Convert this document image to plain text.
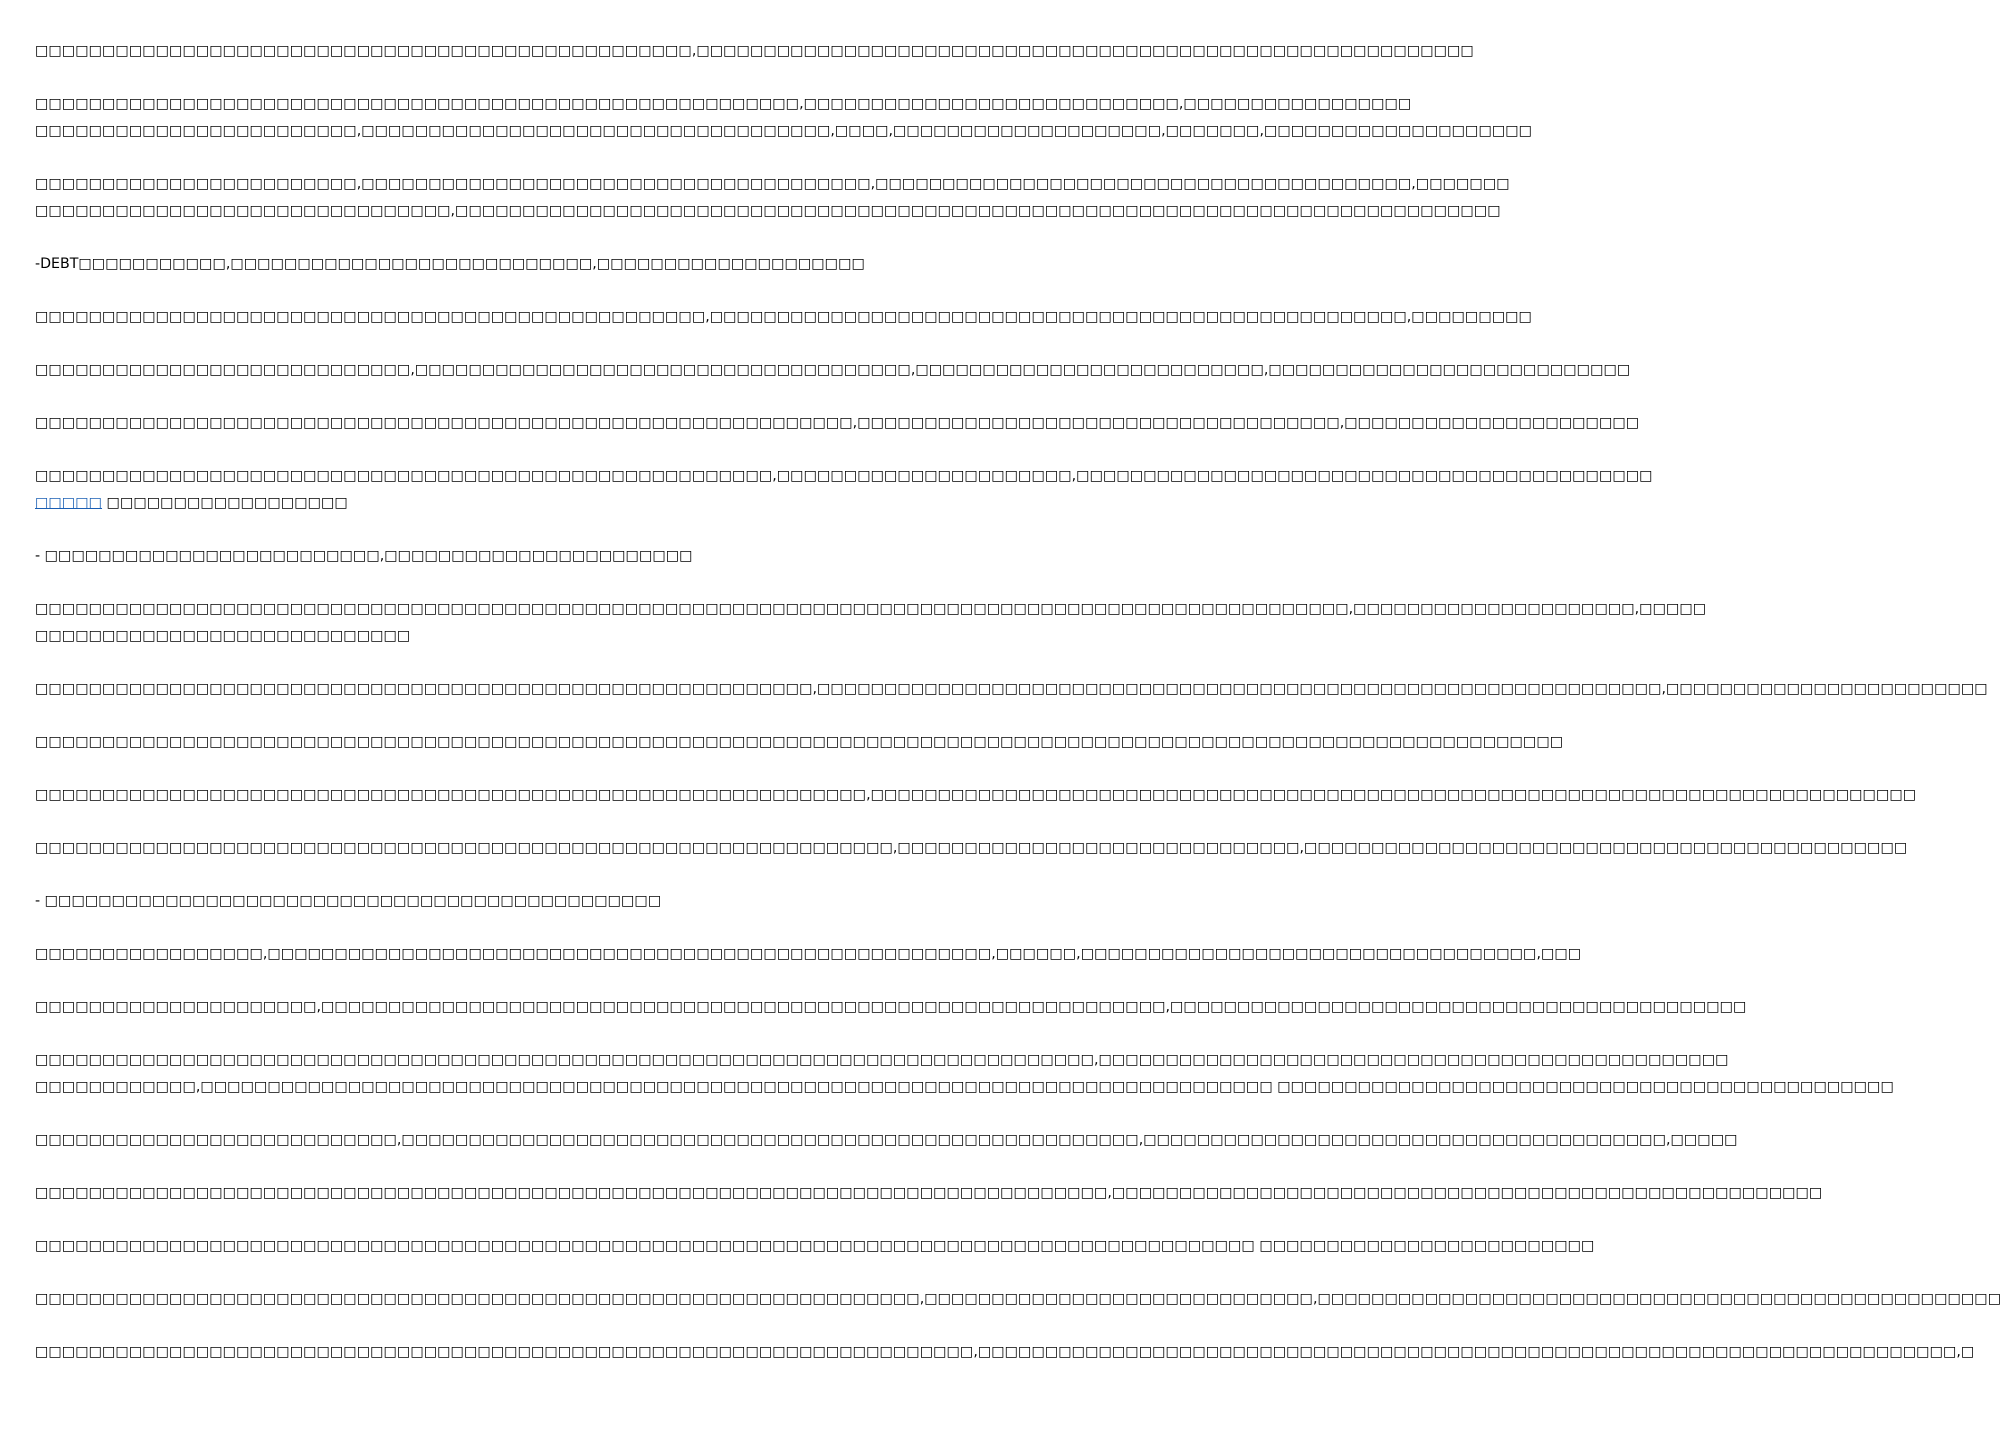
□□□□□□□□□□□□□□□□□□□□□□□□□□□□□□□□□□□□□□□□□□□□□□□□□,□□□□□□□□□□□□□□□□□□□□□□□□□□□□□□□□□□□□□□□□□□□□□□□□□□□□□□□□□□

□□□□□□□□□□□□□□□□□□□□□□□□□□□□□□□□□□□□□□□□□□□□□□□□□□□□□□□□□,□□□□□□□□□□□□□□□□□□□□□□□□□□□□,□□□□□□□□□□□□□□□□□
□□□□□□□□□□□□□□□□□□□□□□□□,□□□□□□□□□□□□□□□□□□□□□□□□□□□□□□□□□□□,□□□□,□□□□□□□□□□□□□□□□□□□□,□□□□□□□,□□□□□□□□□□□□□□□□□□□□

□□□□□□□□□□□□□□□□□□□□□□□□,□□□□□□□□□□□□□□□□□□□□□□□□□□□□□□□□□□□□□□,□□□□□□□□□□□□□□□□□□□□□□□□□□□□□□□□□□□□□□□□,□□□□□□□
□□□□□□□□□□□□□□□□□□□□□□□□□□□□□□□,□□□□□□□□□□□□□□□□□□□□□□□□□□□□□□□□□□□□□□□□□□□□□□□□□□□□□□□□□□□□□□□□□□□□□□□□□□□□□□

-DEBT□□□□□□□□□□□,□□□□□□□□□□□□□□□□□□□□□□□□□□□,□□□□□□□□□□□□□□□□□□□□

□□□□□□□□□□□□□□□□□□□□□□□□□□□□□□□□□□□□□□□□□□□□□□□□□□,□□□□□□□□□□□□□□□□□□□□□□□□□□□□□□□□□□□□□□□□□□□□□□□□□□□□,□□□□□□□□□

□□□□□□□□□□□□□□□□□□□□□□□□□□□□,□□□□□□□□□□□□□□□□□□□□□□□□□□□□□□□□□□□□□,□□□□□□□□□□□□□□□□□□□□□□□□□□,□□□□□□□□□□□□□□□□□□□□□□□□□□□

□□□□□□□□□□□□□□□□□□□□□□□□□□□□□□□□□□□□□□□□□□□□□□□□□□□□□□□□□□□□□,□□□□□□□□□□□□□□□□□□□□□□□□□□□□□□□□□□□□,□□□□□□□□□□□□□□□□□□□□□□

□□□□□□□□□□□□□□□□□□□□□□□□□□□□□□□□□□□□□□□□□□□□□□□□□□□□□□□,□□□□□□□□□□□□□□□□□□□□□□,□□□□□□□□□□□□□□□□□□□□□□□□□□□□□□□□□□□□□□□□□□□
□□□□□ □□□□□□□□□□□□□□□□□□

- □□□□□□□□□□□□□□□□□□□□□□□□□,□□□□□□□□□□□□□□□□□□□□□□□

□□□□□□□□□□□□□□□□□□□□□□□□□□□□□□□□□□□□□□□□□□□□□□□□□□□□□□□□□□□□□□□□□□□□□□□□□□□□□□□□□□□□□□□□□□□□□□□□□□,□□□□□□□□□□□□□□□□□□□□□,□□□□□
□□□□□□□□□□□□□□□□□□□□□□□□□□□□

□□□□□□□□□□□□□□□□□□□□□□□□□□□□□□□□□□□□□□□□□□□□□□□□□□□□□□□□□□,□□□□□□□□□□□□□□□□□□□□□□□□□□□□□□□□□□□□□□□□□□□□□□□□□□□□□□□□□□□□□□□,□□□□□□□□□□□□□□□□□□□□□□□□

□□□□□□□□□□□□□□□□□□□□□□□□□□□□□□□□□□□□□□□□□□□□□□□□□□□□□□□□□□□□□□□□□□□□□□□□□□□□□□□□□□□□□□□□□□□□□□□□□□□□□□□□□□□□□□□□□□

□□□□□□□□□□□□□□□□□□□□□□□□□□□□□□□□□□□□□□□□□□□□□□□□□□□□□□□□□□□□□□,□□□□□□□□□□□□□□□□□□□□□□□□□□□□□□□□□□□□□□□□□□□□□□□□□□□□□□□□□□□□□□□□□□□□□□□□□□□□□□

□□□□□□□□□□□□□□□□□□□□□□□□□□□□□□□□□□□□□□□□□□□□□□□□□□□□□□□□□□□□□□□□,□□□□□□□□□□□□□□□□□□□□□□□□□□□□□□,□□□□□□□□□□□□□□□□□□□□□□□□□□□□□□□□□□□□□□□□□□□□□

- □□□□□□□□□□□□□□□□□□□□□□□□□□□□□□□□□□□□□□□□□□□□□□

□□□□□□□□□□□□□□□□□,□□□□□□□□□□□□□□□□□□□□□□□□□□□□□□□□□□□□□□□□□□□□□□□□□□□□□□,□□□□□□,□□□□□□□□□□□□□□□□□□□□□□□□□□□□□□□□□□,□□□

□□□□□□□□□□□□□□□□□□□□□,□□□□□□□□□□□□□□□□□□□□□□□□□□□□□□□□□□□□□□□□□□□□□□□□□□□□□□□□□□□□□□□,□□□□□□□□□□□□□□□□□□□□□□□□□□□□□□□□□□□□□□□□□□□

□□□□□□□□□□□□□□□□□□□□□□□□□□□□□□□□□□□□□□□□□□□□□□□□□□□□□□□□□□□□□□□□□□□□□□□□□□□□□□□,□□□□□□□□□□□□□□□□□□□□□□□□□□□□□□□□□□□□□□□□□□□□□□□
□□□□□□□□□□□□,□□□□□□□□□□□□□□□□□□□□□□□□□□□□□□□□□□□□□□□□□□□□□□□□□□□□□□□□□□□□□□□□□□□□□□□□□□□□□□□□ □□□□□□□□□□□□□□□□□□□□□□□□□□□□□□□□□□□□□□□□□□□□□□

□□□□□□□□□□□□□□□□□□□□□□□□□□□,□□□□□□□□□□□□□□□□□□□□□□□□□□□□□□□□□□□□□□□□□□□□□□□□□□□□□□□,□□□□□□□□□□□□□□□□□□□□□□□□□□□□□□□□□□□□□□□,□□□□□

□□□□□□□□□□□□□□□□□□□□□□□□□□□□□□□□□□□□□□□□□□□□□□□□□□□□□□□□□□□□□□□□□□□□□□□□□□□□□□□□,□□□□□□□□□□□□□□□□□□□□□□□□□□□□□□□□□□□□□□□□□□□□□□□□□□□□□

□□□□□□□□□□□□□□□□□□□□□□□□□□□□□□□□□□□□□□□□□□□□□□□□□□□□□□□□□□□□□□□□□□□□□□□□□□□□□□□□□□□□□□□□□□□ □□□□□□□□□□□□□□□□□□□□□□□□□

□□□□□□□□□□□□□□□□□□□□□□□□□□□□□□□□□□□□□□□□□□□□□□□□□□□□□□□□□□□□□□□□□□,□□□□□□□□□□□□□□□□□□□□□□□□□□□□□,□□□□□□□□□□□□□□□□□□□□□□□□□□□□□□□□□□□□□□□□□□□□□□□□□□□

□□□□□□□□□□□□□□□□□□□□□□□□□□□□□□□□□□□□□□□□□□□□□□□□□□□□□□□□□□□□□□□□□□□□□□,□□□□□□□□□□□□□□□□□□□□□□□□□□□□□□□□□□□□□□□□□□□□□□□□□□□□□□□□□□□□□□□□□□□□□□□□□,□
